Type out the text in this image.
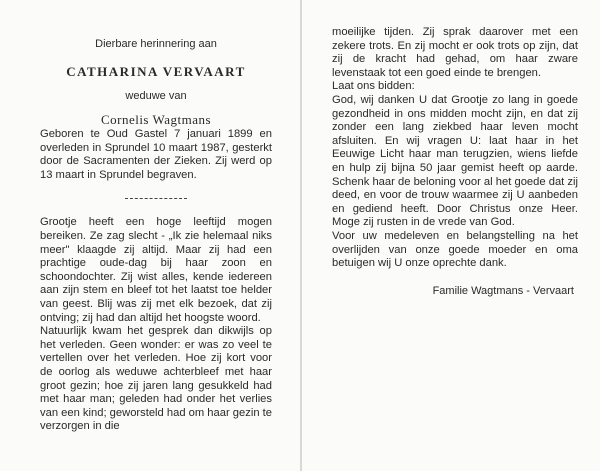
Dierbare herinnering aan
CATHARINA VERVAART
weduwe van
Cornelis Wagtmans

Geboren te Oud Gastel 7 januari 1899 en overleden in Sprundel 10 maart 1987, gesterkt door de Sacramenten der Zieken. Zij werd op 13 maart in Sprundel begraven.

Grootje heeft een hoge leeftijd mogen bereiken. Ze zag slecht - „Ik zie helemaal niks meer" klaagde zij altijd. Maar zij had een prachtige oude-dag bij haar zoon en schoondochter. Zij wist alles, kende iedereen aan zijn stem en bleef tot het laatst toe helder van geest. Blij was zij met elk bezoek, dat zij ontving; zij had dan altijd het hoogste woord.

Natuurlijk kwam het gesprek dan dikwijls op het verleden. Geen wonder: er was zo veel te vertellen over het verleden. Hoe zij kort voor de oorlog als weduwe achterbleef met haar groot gezin; hoe zij jaren lang gesukkeld had met haar man; geleden had onder het verlies van een kind; geworsteld had om haar gezin te verzorgen in die

moeilijke tijden. Zij sprak daarover met een zekere trots. En zij mocht er ook trots op zijn, dat zij de kracht had gehad, om haar zware levenstaak tot een goed einde te brengen.

Laat ons bidden:

God, wij danken U dat Grootje zo lang in goede gezondheid in ons midden mocht zijn, en dat zij zonder een lang ziekbed haar leven mocht afsluiten. En wij vragen U: laat haar in het Eeuwige Licht haar man terugzien, wiens liefde en hulp zij bijna 50 jaar gemist heeft op aarde. Schenk haar de beloning voor al het goede dat zij deed, en voor de trouw waarmee zij U aanbeden en gediend heeft. Door Christus onze Heer. Moge zij rusten in de vrede van God.

Voor uw medeleven en belangstelling na het overlijden van onze goede moeder en oma betuigen wij U onze oprechte dank.

Familie Wagtmans - Vervaart
